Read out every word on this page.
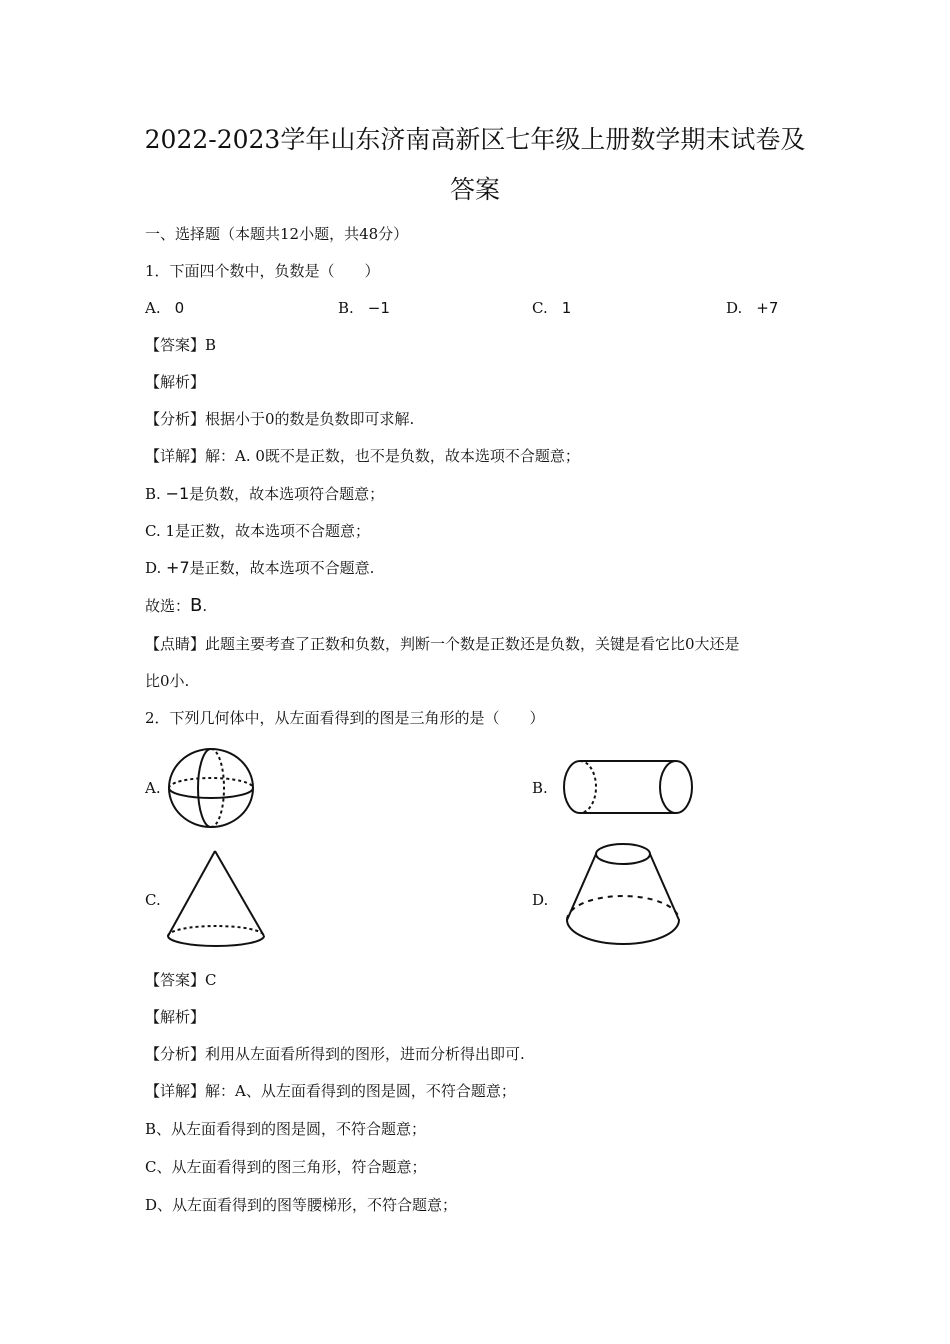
2022-2023学年山东济南高新区七年级上册数学期末试卷及
答案
一、选择题（本题共12小题，共48分）
1．下面四个数中，负数是（　　）
A. 0	B. −1	C. 1	D. +7
【答案】B
【解析】
【分析】根据小于0的数是负数即可求解.
【详解】解：A. 0既不是正数，也不是负数，故本选项不合题意；
B. −1是负数，故本选项符合题意；
C. 1是正数，故本选项不合题意；
D. +7是正数，故本选项不合题意.
故选：B.
【点睛】此题主要考查了正数和负数，判断一个数是正数还是负数，关键是看它比0大还是
比0小.
2．下列几何体中，从左面看得到的图是三角形的是（　　）
A.	B.
C.	D.
【答案】C
【解析】
【分析】利用从左面看所得到的图形，进而分析得出即可.
【详解】解：A、从左面看得到的图是圆，不符合题意；
B、从左面看得到的图是圆，不符合题意；
C、从左面看得到的图三角形，符合题意；
D、从左面看得到的图等腰梯形，不符合题意；
